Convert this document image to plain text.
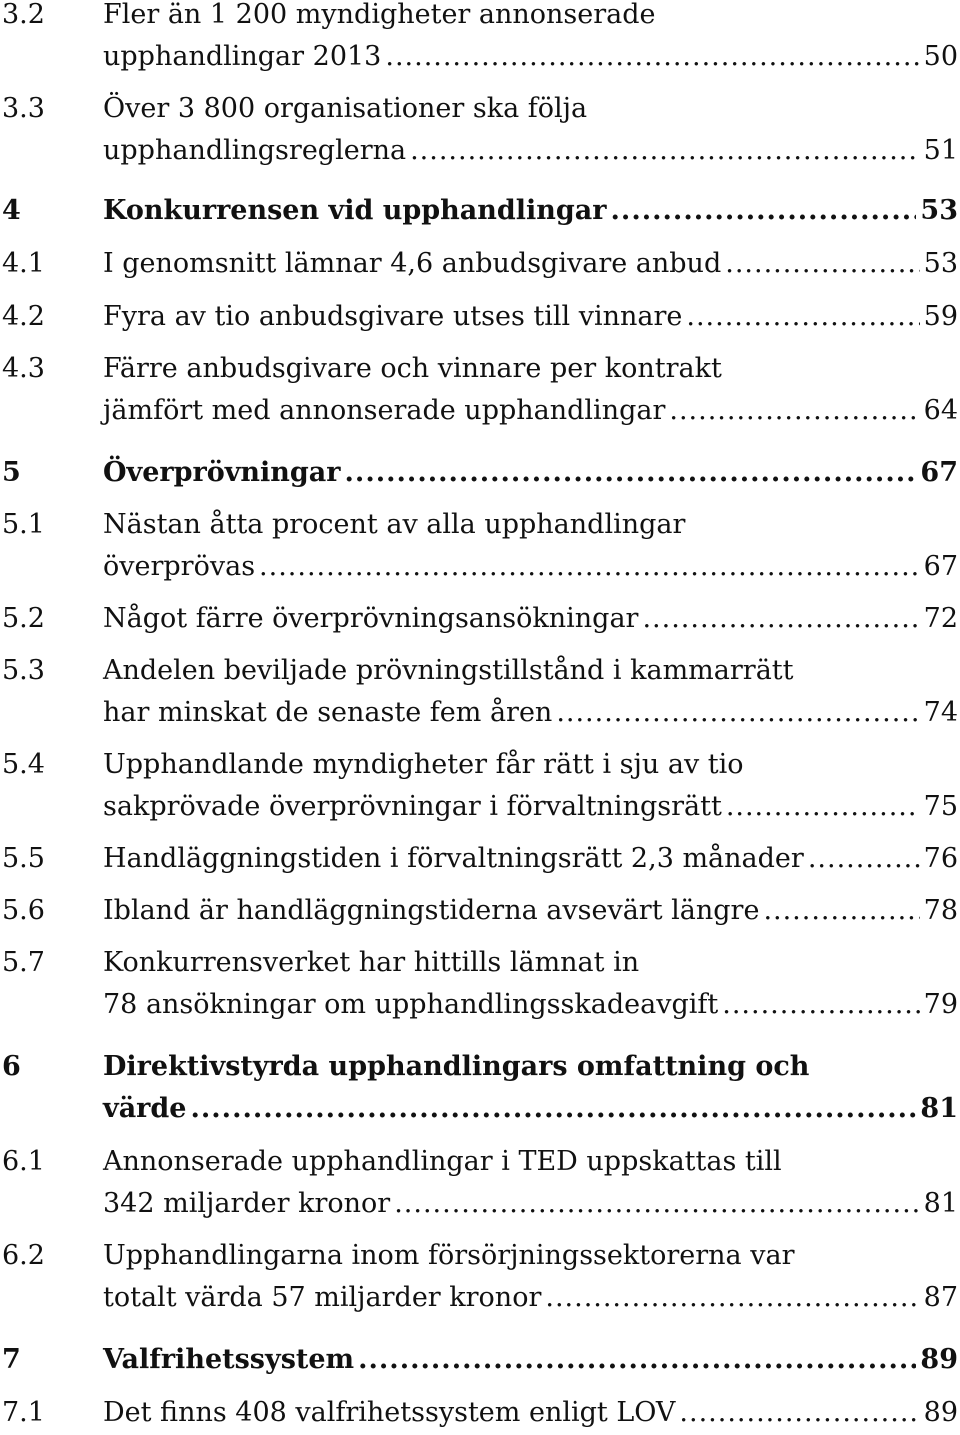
3.2 Fler än 1 200 myndigheter annonserade
upphandlingar 2013 .....	50
3.3 Över 3 800 organisationer ska följa
upphandlingsreglerna .....	51
4	Konkurrensen vid upphandlingar .....	53
4.1 I genomsnitt lämnar 4,6 anbudsgivare anbud .....	53
4.2 Fyra av tio anbudsgivare utses till vinnare .....	59
4.3 Färre anbudsgivare och vinnare per kontrakt
jämfört med annonserade upphandlingar .....	64
5	Överprövningar .....	67
5.1 Nästan åtta procent av alla upphandlingar
överprövas .....	67
5.2 Något färre överprövningsansökningar .....	72
5.3 Andelen beviljade prövningstillstånd i kammarrätt
har minskat de senaste fem åren .....	74
5.4 Upphandlande myndigheter får rätt i sju av tio
sakprövade överprövningar i förvaltningsrätt .....	75
5.5 Handläggningstiden i förvaltningsrätt 2,3 månader .....	76
5.6 Ibland är handläggningstiderna avsevärt längre .....	78
5.7 Konkurrensverket har hittills lämnat in
78 ansökningar om upphandlingsskadeavgift .....	79
6	Direktivstyrda upphandlingars omfattning och
värde .....	81
6.1 Annonserade upphandlingar i TED uppskattas till
342 miljarder kronor .....	81
6.2 Upphandlingarna inom försörjningssektorerna var
totalt värda 57 miljarder kronor .....	87
7	Valfrihetssystem .....	89
7.1 Det finns 408 valfrihetssystem enligt LOV .....	89
